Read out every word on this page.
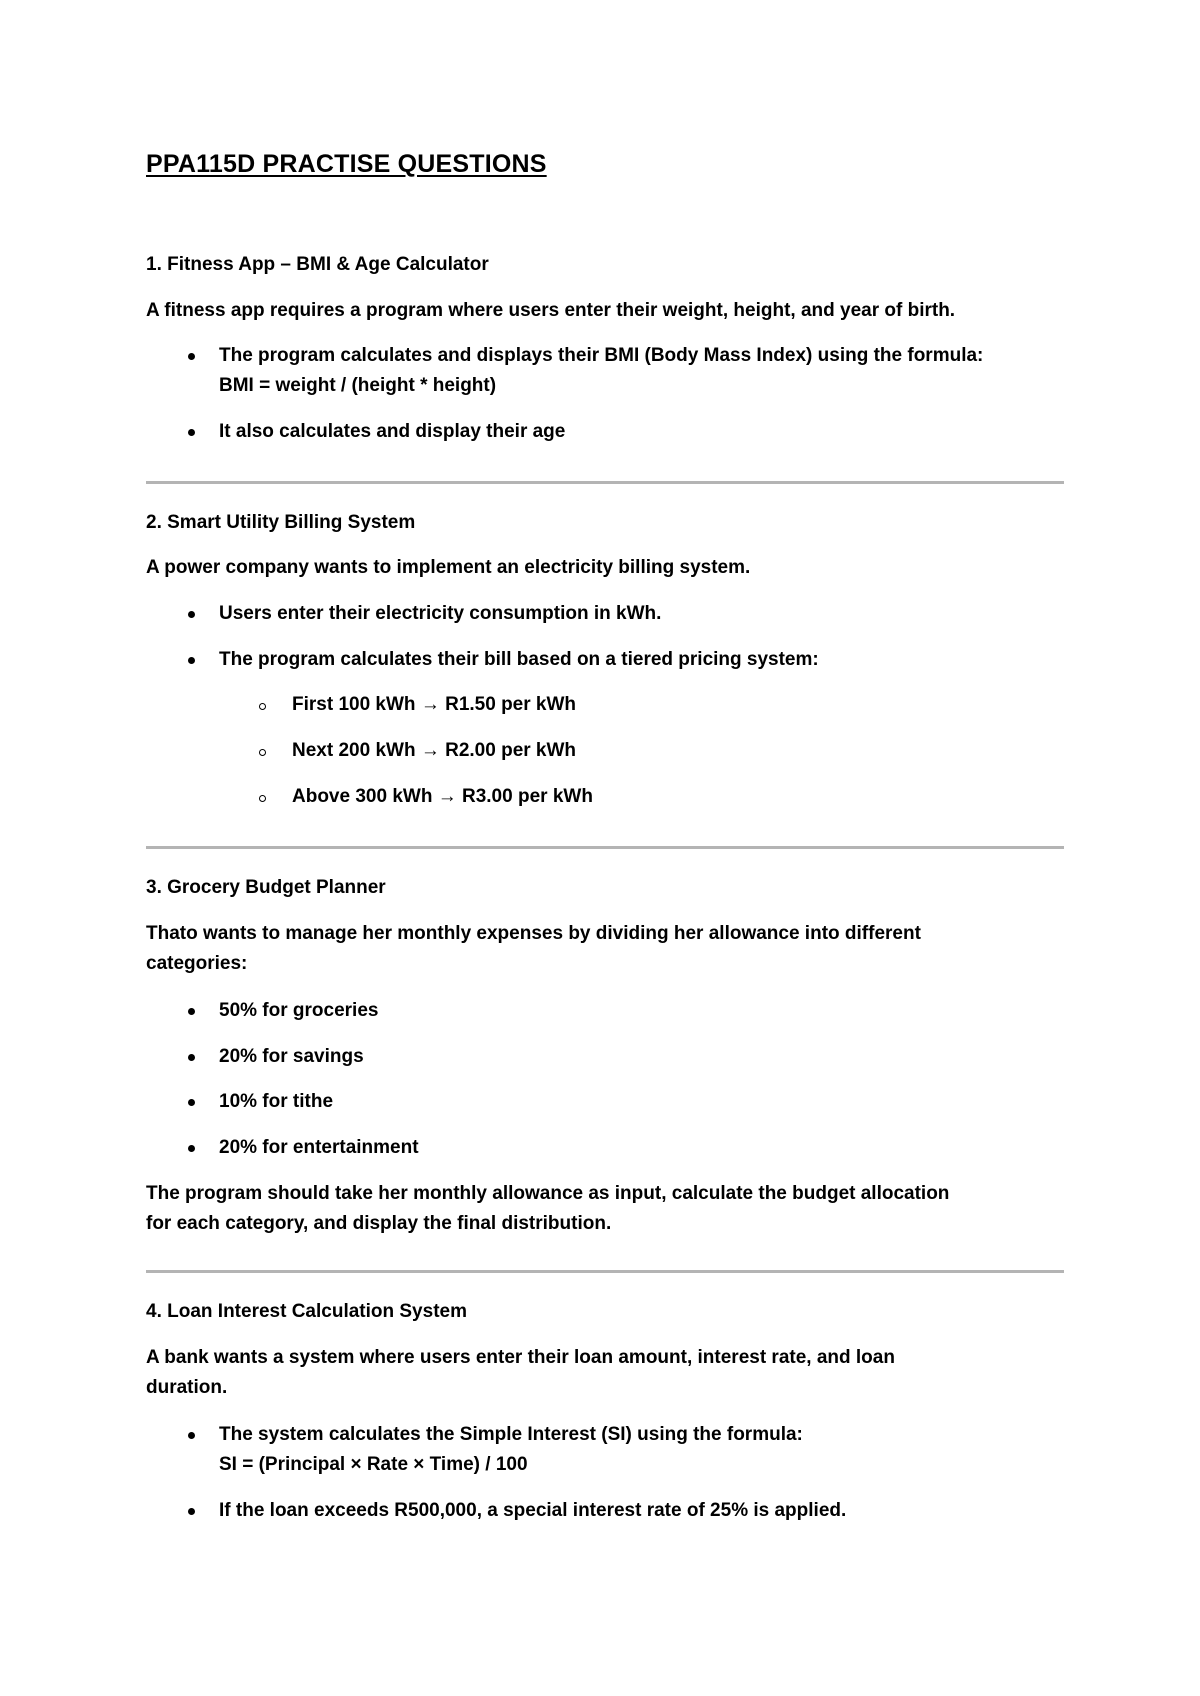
PPA115D PRACTISE QUESTIONS
1. Fitness App – BMI & Age Calculator
A fitness app requires a program where users enter their weight, height, and year of birth.
The program calculates and displays their BMI (Body Mass Index) using the formula:
BMI = weight / (height * height)
It also calculates and display their age
2. Smart Utility Billing System
A power company wants to implement an electricity billing system.
Users enter their electricity consumption in kWh.
The program calculates their bill based on a tiered pricing system:
First 100 kWh → R1.50 per kWh
Next 200 kWh → R2.00 per kWh
Above 300 kWh → R3.00 per kWh
3. Grocery Budget Planner
Thato wants to manage her monthly expenses by dividing her allowance into different
categories:
50% for groceries
20% for savings
10% for tithe
20% for entertainment
The program should take her monthly allowance as input, calculate the budget allocation
for each category, and display the final distribution.
4. Loan Interest Calculation System
A bank wants a system where users enter their loan amount, interest rate, and loan
duration.
The system calculates the Simple Interest (SI) using the formula:
SI = (Principal × Rate × Time) / 100
If the loan exceeds R500,000, a special interest rate of 25% is applied.
